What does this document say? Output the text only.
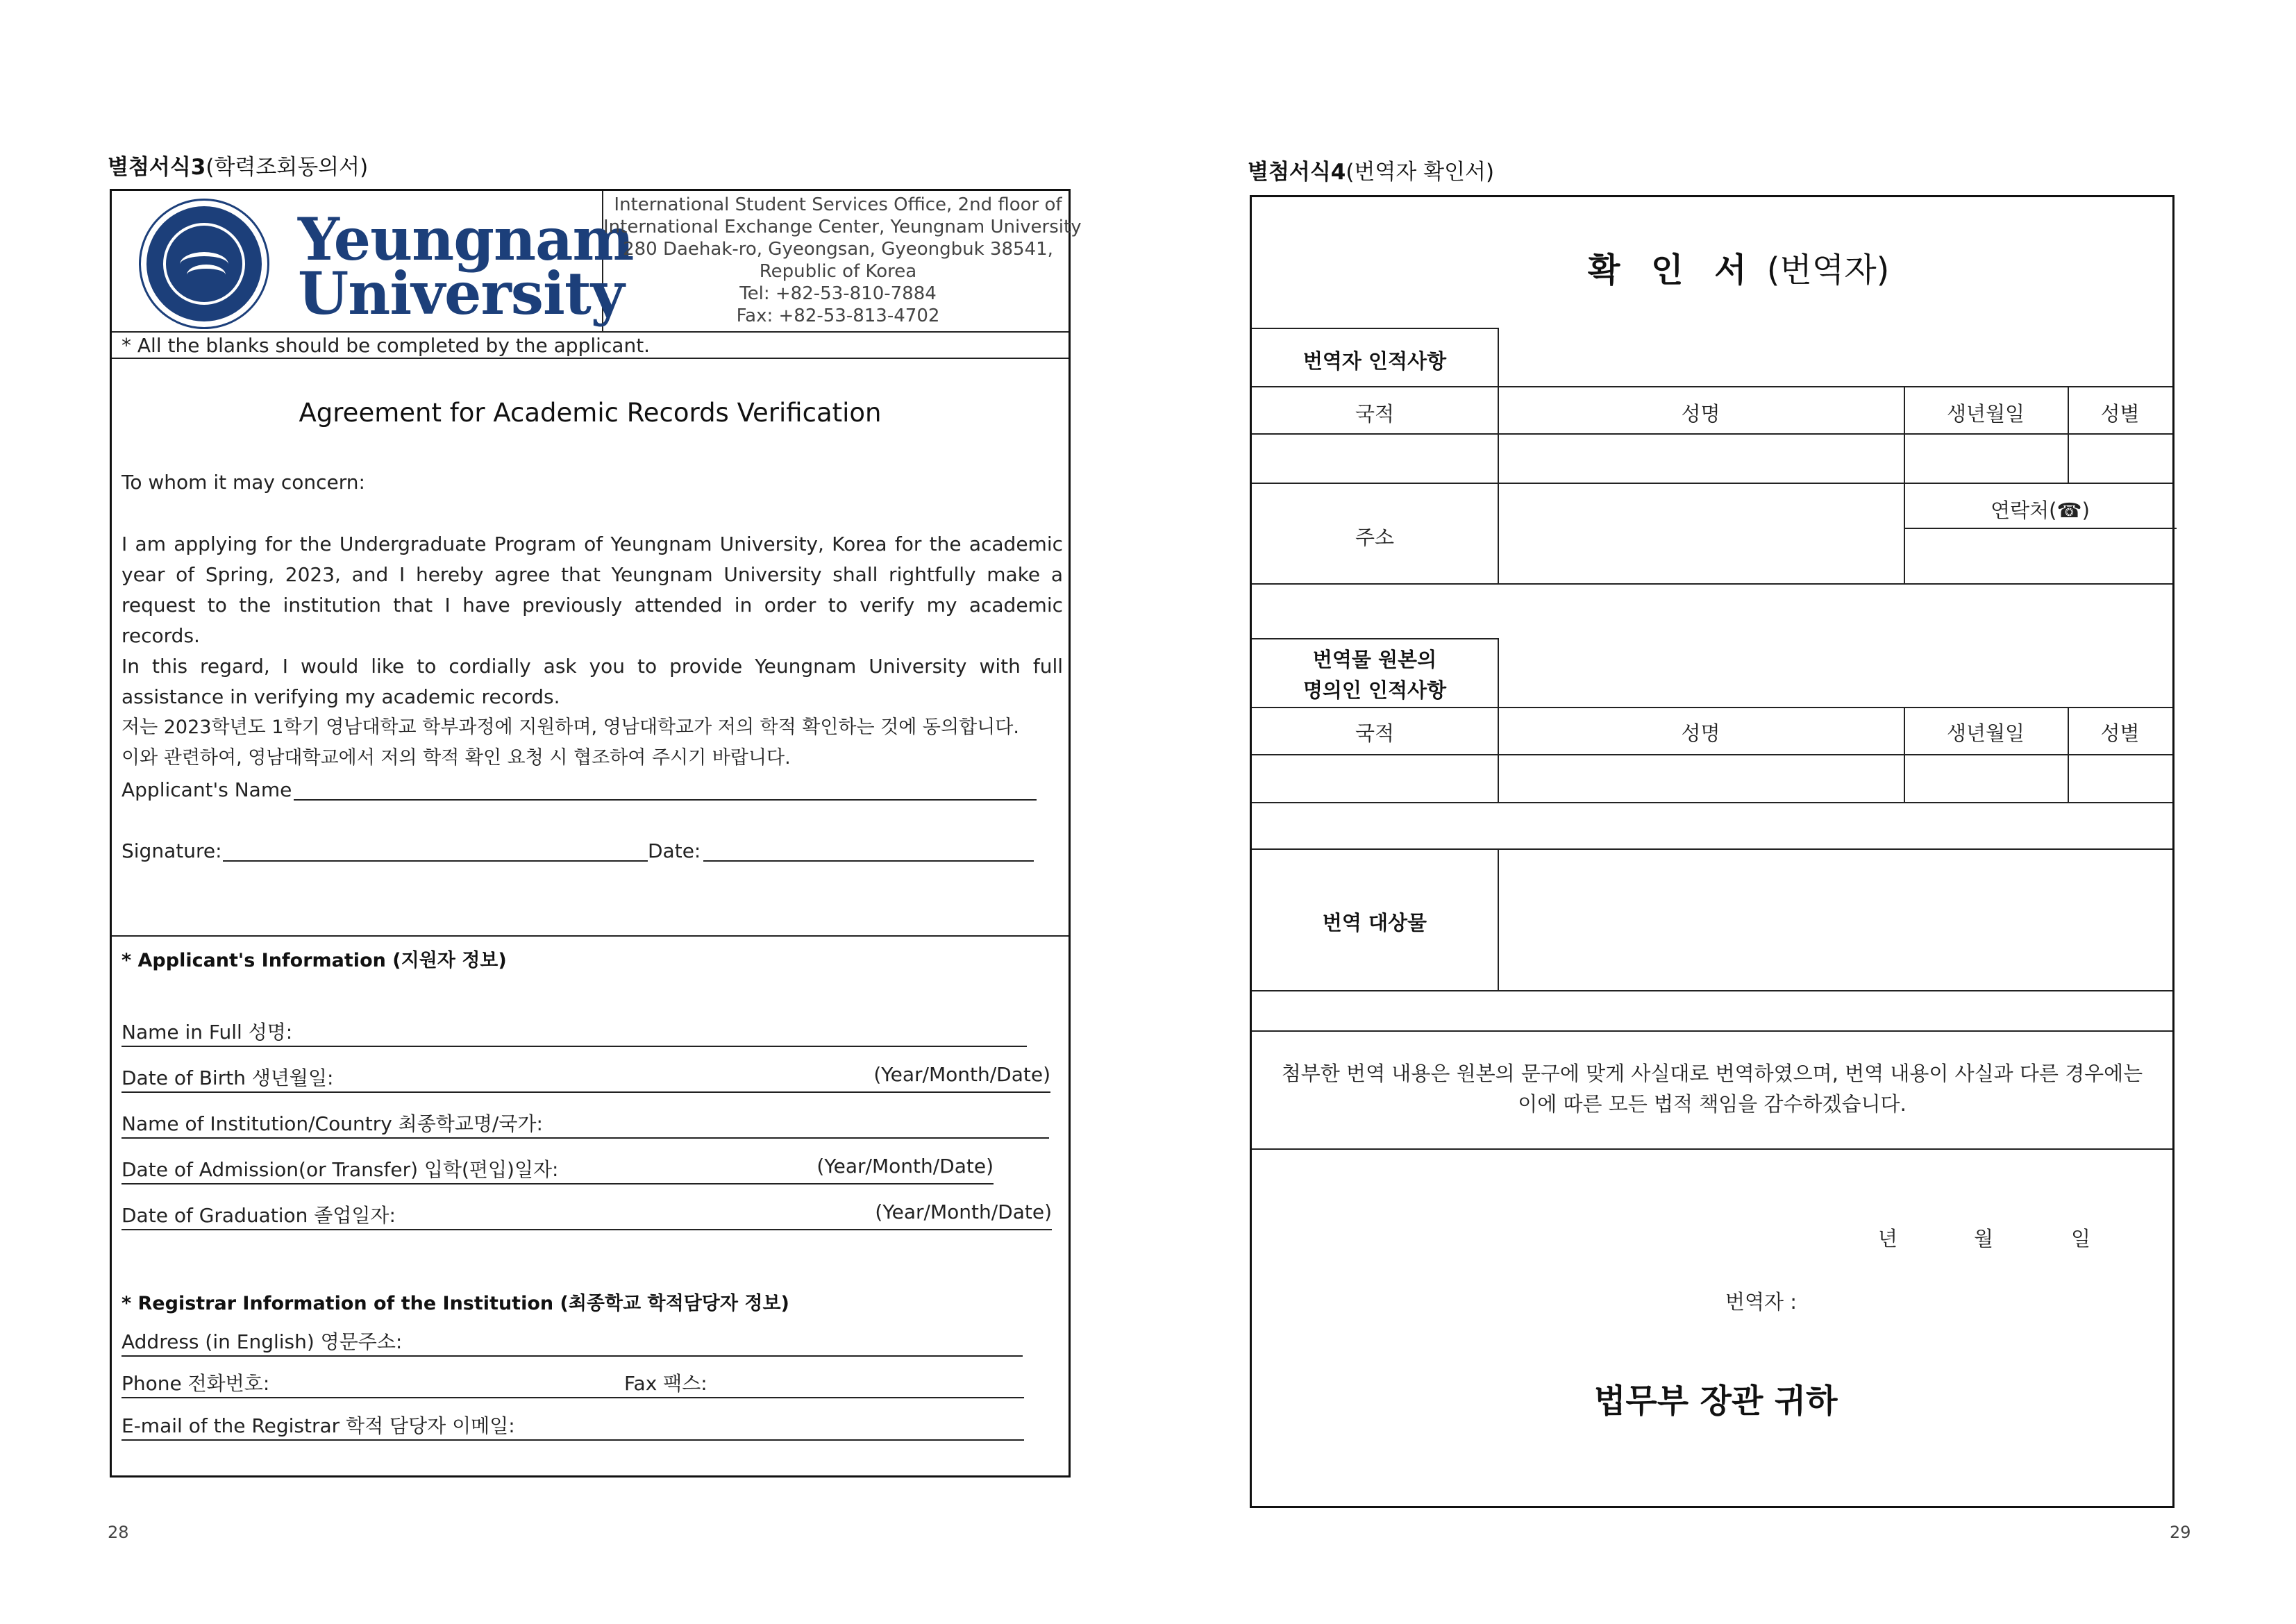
별첨서식3(학력조회동의서)
Yeungnam
University
International Student Services Office, 2nd floor of
International Exchange Center, Yeungnam University
280 Daehak-ro, Gyeongsan, Gyeongbuk 38541,
Republic of Korea
Tel: +82-53-810-7884
Fax: +82-53-813-4702
* All the blanks should be completed by the applicant.
Agreement for Academic Records Verification
To whom it may concern:

I am applying for the Undergraduate Program of Yeungnam University, Korea for the academic year of Spring, 2023, and I hereby agree that Yeungnam University shall rightfully make a request to the institution that I have previously attended in order to verify my academic records.

In this regard, I would like to cordially ask you to provide Yeungnam University with full assistance in verifying my academic records.

저는 2023학년도 1학기 영남대학교 학부과정에 지원하며, 영남대학교가 저의 학적 확인하는 것에 동의합니다.

이와 관련하여, 영남대학교에서 저의 학적 확인 요청 시 협조하여 주시기 바랍니다.

Applicant's Name
Signature:	Date:
* Applicant's Information (지원자 정보)
Name in Full 성명:
Date of Birth 생년월일:	(Year/Month/Date)
Name of Institution/Country 최종학교명/국가:
Date of Admission(or Transfer) 입학(편입)일자:	(Year/Month/Date)
Date of Graduation 졸업일자:	(Year/Month/Date)
* Registrar Information of the Institution (최종학교 학적담당자 정보)
Address (in English) 영문주소:
Phone 전화번호:	Fax 팩스:
E-mail of the Registrar 학적 담당자 이메일:
28
별첨서식4(번역자 확인서)
확 인 서 (번역자)
번역자 인적사항
국적	성명	생년월일	성별
연락처(☎)
주소
번역물 원본의
명의인 인적사항
국적	성명	생년월일	성별
번역 대상물
첨부한 번역 내용은 원본의 문구에 맞게 사실대로 번역하였으며, 번역 내용이 사실과 다른 경우에는
이에 따른 모든 법적 책임을 감수하겠습니다.
년	월	일
번역자 :
법무부 장관 귀하
29
